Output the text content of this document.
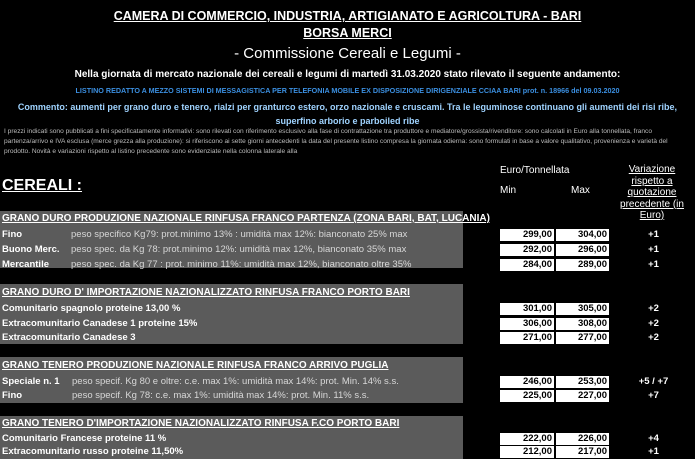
CAMERA DI COMMERCIO, INDUSTRIA, ARTIGIANATO E AGRICOLTURA - BARI
BORSA MERCI
- Commissione Cereali e Legumi -
Nella giornata di mercato nazionale dei cereali e legumi di martedì 31.03.2020 stato rilevato il seguente andamento:
LISTINO REDATTO A MEZZO SISTEMI DI MESSAGISTICA PER TELEFONIA MOBILE EX DISPOSIZIONE DIRIGENZIALE CCIAA BARI prot. n. 18966 del 09.03.2020
Commento: aumenti per grano duro e tenero, rialzi per granturco estero, orzo nazionale e cruscami. Tra le leguminose continuano gli aumenti dei risi ribe, superfino arborio e parboiled ribe
I prezzi indicati sono pubblicati a fini specificatamente informativi: sono rilevati con riferimento esclusivo alla fase di contrattazione tra produttore e mediatore/grossista/rivenditore: sono calcolati in Euro alla tonnellata, franco partenza/arrivo e IVA esclusa (merce grezza alla produzione): si riferiscono ai sette giorni antecedenti la data del presente listino compresa la giornata odierna: sono formulati in base a valore qualitativo, provenienza e varietà del prodotto. Novità e variazioni rispetto al listino precedente sono evidenziate nella colonna laterale alla
CEREALI :
Euro/Tonnellata
Min	Max
Variazione rispetto a quotazione precedente (in Euro)
GRANO DURO PRODUZIONE NAZIONALE RINFUSA FRANCO PARTENZA (ZONA BARI, BAT, LUCANIA)
Fino	peso specifico Kg79: prot.minimo 13% : umidità max 12%: bianconato 25% max	299,00	304,00	+1
Buono Merc. peso spec. da Kg 78: prot.minimo 12%: umidità max 12%, bianconato 35% max	292,00	296,00	+1
Mercantile peso spec. da Kg 77 : prot. minimo 11%: umidità max 12%, bianconato oltre 35%	284,00	289,00	+1
GRANO DURO D' IMPORTAZIONE NAZIONALIZZATO RINFUSA FRANCO PORTO BARI
Comunitario spagnolo proteine 13,00 %	301,00	305,00	+2
Extracomunitario Canadese 1 proteine 15%	306,00	308,00	+2
Extracomunitario Canadese 3	271,00	277,00	+2
GRANO TENERO PRODUZIONE NAZIONALE RINFUSA FRANCO ARRIVO PUGLIA
Speciale n. 1 peso specif. Kg 80 e oltre: c.e. max 1%: umidità max 14%: prot. Min. 14% s.s.	246,00	253,00	+5 / +7
Fino	peso specif. Kg 78: c.e. max 1%: umidità max 14%: prot. Min. 11% s.s.	225,00	227,00	+7
GRANO TENERO D'IMPORTAZIONE NAZIONALIZZATO RINFUSA F.CO PORTO BARI
Comunitario Francese proteine 11 %	222,00	226,00	+4
Extracomunitario russo proteine 11,50%	212,00	217,00	+1
